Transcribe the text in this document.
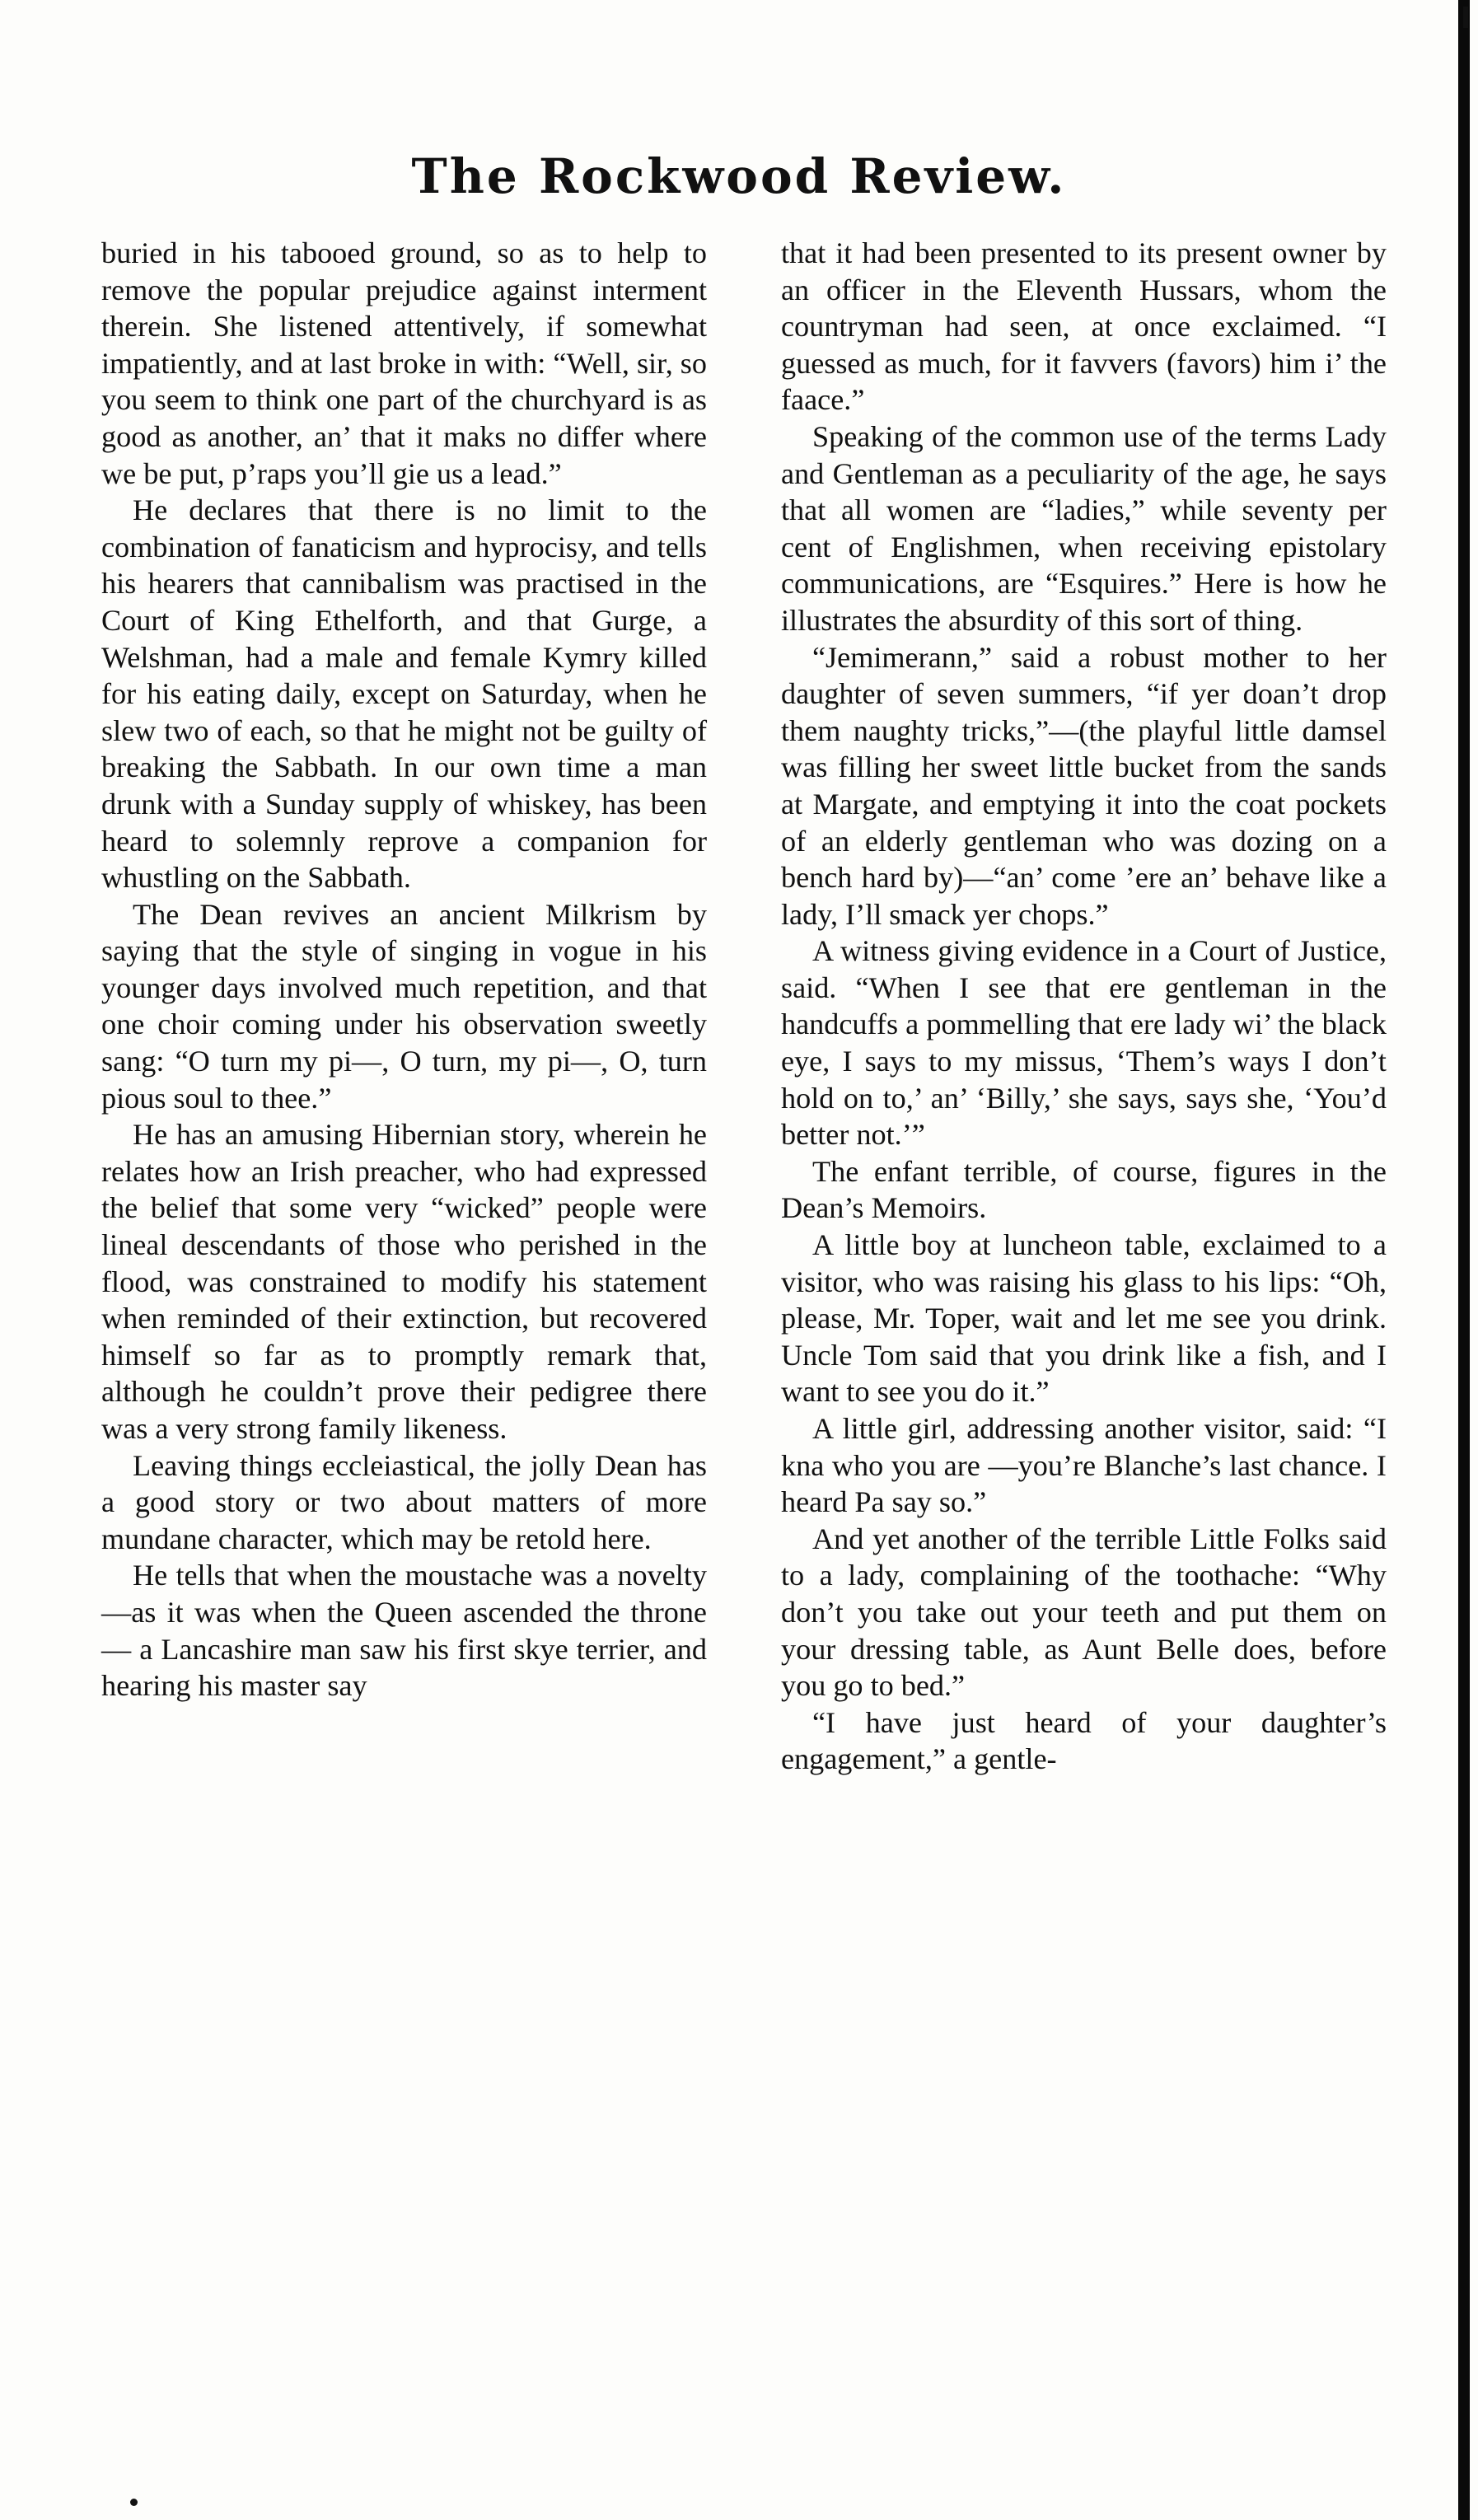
The Rockwood Review.

buried in his tabooed ground, so as to help to remove the popular prejudice against interment therein. She listened attentively, if somewhat impatiently, and at last broke in with: “Well, sir, so you seem to think one part of the churchyard is as good as another, an’ that it maks no differ where we be put, p’raps you’ll gie us a lead.”

He declares that there is no limit to the combination of fanaticism and hyprocisy, and tells his hearers that cannibalism was practised in the Court of King Ethelforth, and that Gurge, a Welshman, had a male and female Kymry killed for his eating daily, except on Saturday, when he slew two of each, so that he might not be guilty of breaking the Sabbath. In our own time a man drunk with a Sunday supply of whiskey, has been heard to solemnly reprove a companion for whustling on the Sabbath.

The Dean revives an ancient Milkrism by saying that the style of singing in vogue in his younger days involved much repetition, and that one choir coming under his observation sweetly sang: “O turn my pi—, O turn, my pi—, O, turn pious soul to thee.”

He has an amusing Hibernian story, wherein he relates how an Irish preacher, who had expressed the belief that some very “wicked” people were lineal descendants of those who perished in the flood, was constrained to modify his statement when reminded of their extinction, but recovered himself so far as to promptly remark that, although he couldn’t prove their pedigree there was a very strong family likeness.

Leaving things eccleiastical, the jolly Dean has a good story or two about matters of more mundane character, which may be retold here.

He tells that when the moustache was a novelty—as it was when the Queen ascended the throne — a Lancashire man saw his first skye terrier, and hearing his master say

that it had been presented to its present owner by an officer in the Eleventh Hussars, whom the countryman had seen, at once exclaimed. “I guessed as much, for it favvers (favors) him i’ the faace.”

Speaking of the common use of the terms Lady and Gentleman as a peculiarity of the age, he says that all women are “ladies,” while seventy per cent of Englishmen, when receiving epistolary communications, are “Esquires.” Here is how he illustrates the absurdity of this sort of thing.

“Jemimerann,” said a robust mother to her daughter of seven summers, “if yer doan’t drop them naughty tricks,”—(the playful little damsel was filling her sweet little bucket from the sands at Margate, and emptying it into the coat pockets of an elderly gentleman who was dozing on a bench hard by)—“an’ come ’ere an’ behave like a lady, I’ll smack yer chops.”

A witness giving evidence in a Court of Justice, said. “When I see that ere gentleman in the handcuffs a pommelling that ere lady wi’ the black eye, I says to my missus, ‘Them’s ways I don’t hold on to,’ an’ ‘Billy,’ she says, says she, ‘You’d better not.’”

The enfant terrible, of course, figures in the Dean’s Memoirs.

A little boy at luncheon table, exclaimed to a visitor, who was raising his glass to his lips: “Oh, please, Mr. Toper, wait and let me see you drink. Uncle Tom said that you drink like a fish, and I want to see you do it.”

A little girl, addressing another visitor, said: “I kna who you are —you’re Blanche’s last chance. I heard Pa say so.”

And yet another of the terrible Little Folks said to a lady, complaining of the toothache: “Why don’t you take out your teeth and put them on your dressing table, as Aunt Belle does, before you go to bed.”

“I have just heard of your daughter’s engagement,” a gentle-
